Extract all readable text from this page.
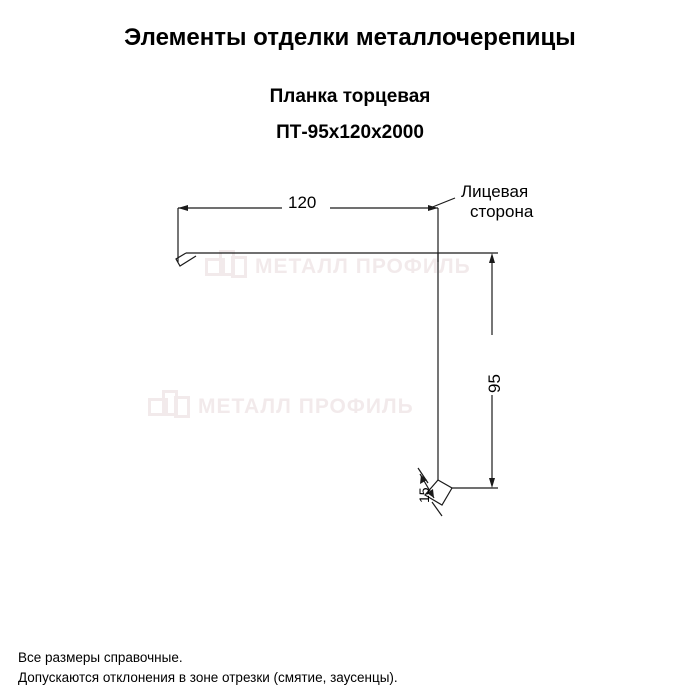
Элементы отделки металлочерепицы
Планка торцевая
ПТ-95х120х2000
МЕТАЛЛ ПРОФИЛЬ
МЕТАЛЛ ПРОФИЛЬ
120
Лицевая
сторона
95
15
Все размеры справочные.
Допускаются отклонения в зоне отрезки (смятие, заусенцы).
